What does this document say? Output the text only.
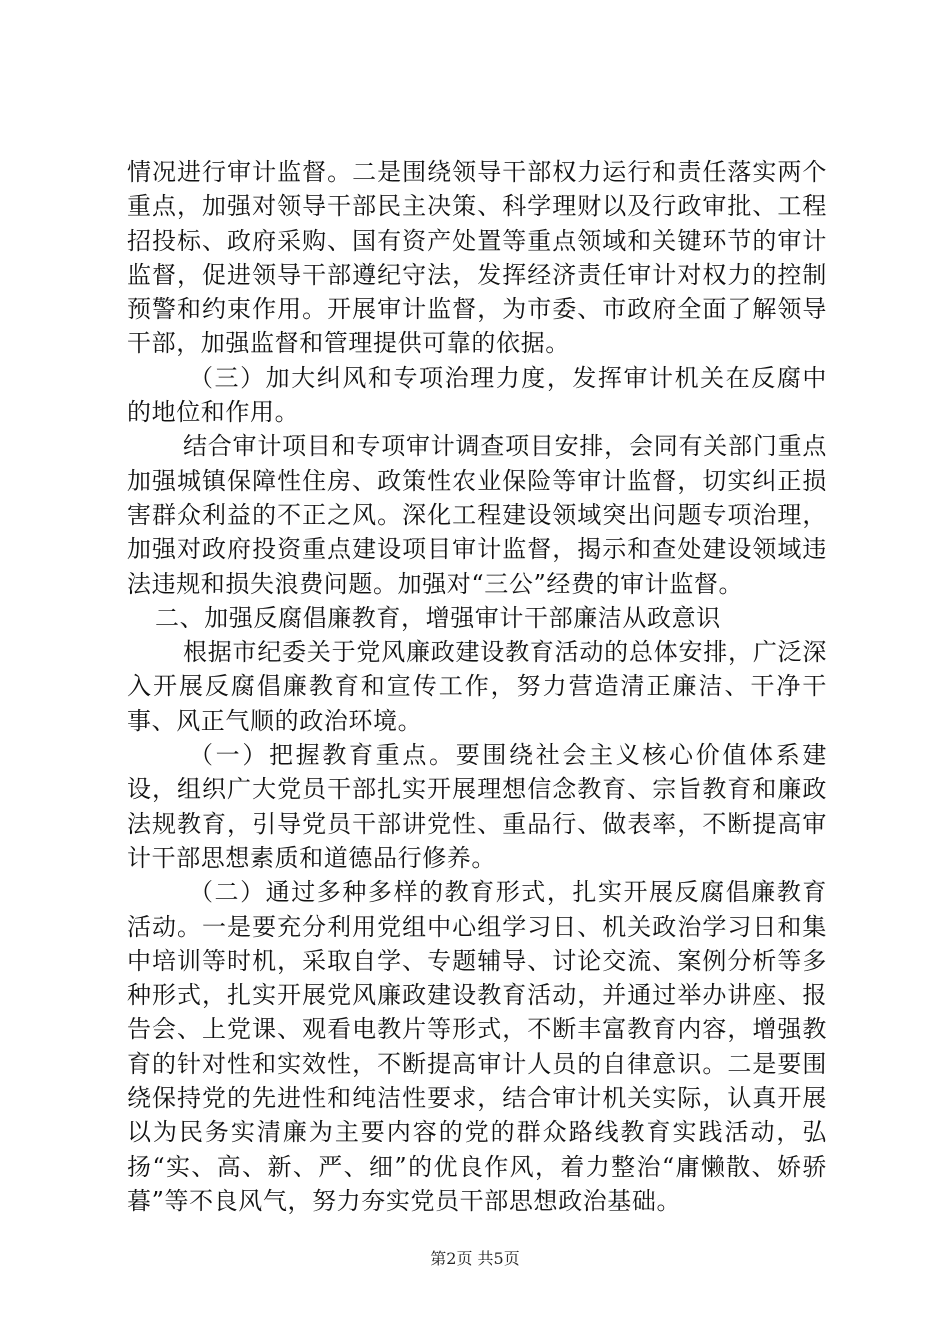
情况进行审计监督。二是围绕领导干部权力运行和责任落实两个重点，加强对领导干部民主决策、科学理财以及行政审批、工程招投标、政府采购、国有资产处置等重点领域和关键环节的审计监督，促进领导干部遵纪守法，发挥经济责任审计对权力的控制预警和约束作用。开展审计监督，为市委、市政府全面了解领导干部，加强监督和管理提供可靠的依据。

（三）加大纠风和专项治理力度，发挥审计机关在反腐中的地位和作用。

结合审计项目和专项审计调查项目安排，会同有关部门重点加强城镇保障性住房、政策性农业保险等审计监督，切实纠正损害群众利益的不正之风。深化工程建设领域突出问题专项治理，加强对政府投资重点建设项目审计监督，揭示和查处建设领域违法违规和损失浪费问题。加强对“三公”经费的审计监督。

二、加强反腐倡廉教育，增强审计干部廉洁从政意识

根据市纪委关于党风廉政建设教育活动的总体安排，广泛深入开展反腐倡廉教育和宣传工作，努力营造清正廉洁、干净干事、风正气顺的政治环境。

（一）把握教育重点。要围绕社会主义核心价值体系建设，组织广大党员干部扎实开展理想信念教育、宗旨教育和廉政法规教育，引导党员干部讲党性、重品行、做表率，不断提高审计干部思想素质和道德品行修养。

（二）通过多种多样的教育形式，扎实开展反腐倡廉教育活动。一是要充分利用党组中心组学习日、机关政治学习日和集中培训等时机，采取自学、专题辅导、讨论交流、案例分析等多种形式，扎实开展党风廉政建设教育活动，并通过举办讲座、报告会、上党课、观看电教片等形式，不断丰富教育内容，增强教育的针对性和实效性，不断提高审计人员的自律意识。二是要围绕保持党的先进性和纯洁性要求，结合审计机关实际，认真开展以为民务实清廉为主要内容的党的群众路线教育实践活动，弘扬“实、高、新、严、细”的优良作风，着力整治“庸懒散、娇骄暮”等不良风气，努力夯实党员干部思想政治基础。

第2页 共5页
